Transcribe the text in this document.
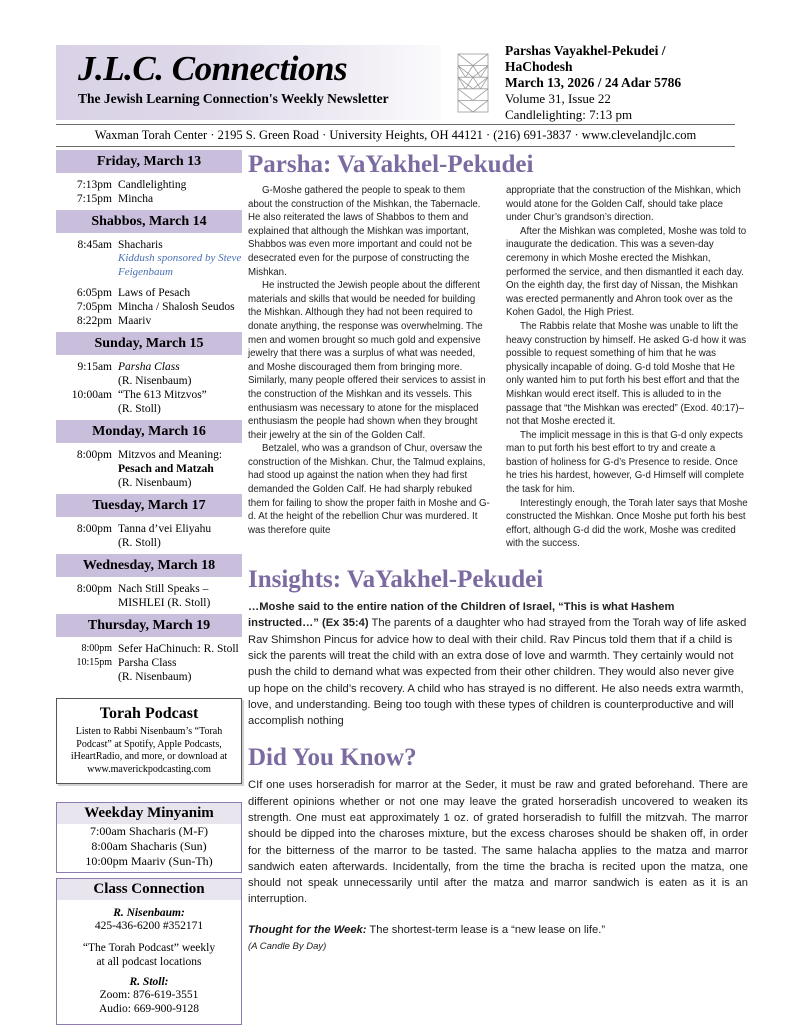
J.L.C. Connections
The Jewish Learning Connection's Weekly Newsletter
Parshas Vayakhel-Pekudei / HaChodesh
March 13, 2026 / 24 Adar 5786
Volume 31, Issue 22
Candlelighting: 7:13 pm
Waxman Torah Center · 2195 S. Green Road · University Heights, OH 44121 · (216) 691-3837 · www.clevelandjlc.com
Friday, March 13
7:13pm Candlelighting
7:15pm Mincha
Shabbos, March 14
8:45am Shacharis
Kiddush sponsored by Steve Feigenbaum
6:05pm Laws of Pesach
7:05pm Mincha / Shalosh Seudos
8:22pm Maariv
Sunday, March 15
9:15am Parsha Class
(R. Nisenbaum)
10:00am “The 613 Mitzvos”
(R. Stoll)
Monday, March 16
8:00pm Mitzvos and Meaning:
Pesach and Matzah
(R. Nisenbaum)
Tuesday, March 17
8:00pm Tanna d’vei Eliyahu
(R. Stoll)
Wednesday, March 18
8:00pm Nach Still Speaks –
MISHLEI (R. Stoll)
Thursday, March 19
8:00pm Sefer HaChinuch: R. Stoll
10:15pm Parsha Class
(R. Nisenbaum)
Torah Podcast

Listen to Rabbi Nisenbaum’s “Torah Podcast” at Spotify, Apple Podcasts, iHeartRadio, and more, or download at www.maverickpodcasting.com

Weekday Minyanim

7:00am Shacharis (M-F)

8:00am Shacharis (Sun)

10:00pm Maariv (Sun-Th)

Class Connection

R. Nisenbaum:

425-436-6200 #352171

“The Torah Podcast” weekly

at all podcast locations

R. Stoll:

Zoom: 876-619-3551

Audio: 669-900-9128

Parsha: VaYakhel-Pekudei

G-Moshe gathered the people to speak to them about the construction of the Mishkan, the Tabernacle. He also reiterated the laws of Shabbos to them and explained that although the Mishkan was important, Shabbos was even more important and could not be desecrated even for the purpose of constructing the Mishkan.

He instructed the Jewish people about the different materials and skills that would be needed for building the Mishkan. Although they had not been required to donate anything, the response was overwhelming. The men and women brought so much gold and expensive jewelry that there was a surplus of what was needed, and Moshe discouraged them from bringing more. Similarly, many people offered their services to assist in the construction of the Mishkan and its vessels. This enthusiasm was necessary to atone for the misplaced enthusiasm the people had shown when they brought their jewelry at the sin of the Golden Calf.

Betzalel, who was a grandson of Chur, oversaw the construction of the Mishkan. Chur, the Talmud explains, had stood up against the nation when they had first demanded the Golden Calf. He had sharply rebuked them for failing to show the proper faith in Moshe and G-d. At the height of the rebellion Chur was murdered. It was therefore quite

appropriate that the construction of the Mishkan, which would atone for the Golden Calf, should take place under Chur’s grandson’s direction.

After the Mishkan was completed, Moshe was told to inaugurate the dedication. This was a seven-day ceremony in which Moshe erected the Mishkan, performed the service, and then dismantled it each day. On the eighth day, the first day of Nissan, the Mishkan was erected permanently and Ahron took over as the Kohen Gadol, the High Priest.

The Rabbis relate that Moshe was unable to lift the heavy construction by himself. He asked G-d how it was possible to request something of him that he was physically incapable of doing. G-d told Moshe that He only wanted him to put forth his best effort and that the Mishkan would erect itself. This is alluded to in the passage that “the Mishkan was erected” (Exod. 40:17)– not that Moshe erected it.

The implicit message in this is that G-d only expects man to put forth his best effort to try and create a bastion of holiness for G-d’s Presence to reside. Once he tries his hardest, however, G-d Himself will complete the task for him.

Interestingly enough, the Torah later says that Moshe constructed the Mishkan. Once Moshe put forth his best effort, although G-d did the work, Moshe was credited with the success.

Insights: VaYakhel-Pekudei
…Moshe said to the entire nation of the Children of Israel, “This is what Hashem instructed…” (Ex 35:4) The parents of a daughter who had strayed from the Torah way of life asked Rav Shimshon Pincus for advice how to deal with their child. Rav Pincus told them that if a child is sick the parents will treat the child with an extra dose of love and warmth. They certainly would not push the child to demand what was expected from their other children. They would also never give up hope on the child’s recovery. A child who has strayed is no different. He also needs extra warmth, love, and understanding. Being too tough with these types of children is counterproductive and will accomplish nothing
Did You Know?
CIf one uses horseradish for marror at the Seder, it must be raw and grated beforehand. There are different opinions whether or not one may leave the grated horseradish uncovered to weaken its strength. One must eat approximately 1 oz. of grated horseradish to fulfill the mitzvah. The marror should be dipped into the charoses mixture, but the excess charoses should be shaken off, in order for the bitterness of the marror to be tasted. The same halacha applies to the matza and marror sandwich eaten afterwards. Incidentally, from the time the bracha is recited upon the matza, one should not speak unnecessarily until after the matza and marror sandwich is eaten as it is an interruption.
Thought for the Week: The shortest-term lease is a “new lease on life.”
(A Candle By Day)
